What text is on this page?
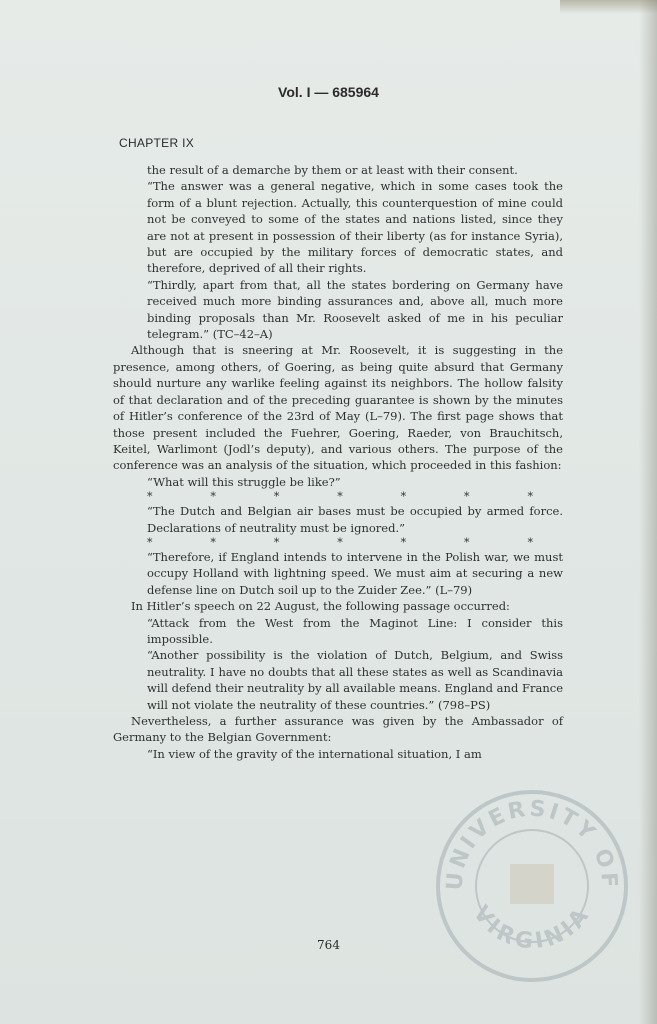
Vol. I — 685964
CHAPTER IX

the result of a demarche by them or at least with their consent.

“The answer was a general negative, which in some cases took the form of a blunt rejection. Actually, this counterquestion of mine could not be conveyed to some of the states and nations listed, since they are not at present in possession of their liberty (as for instance Syria), but are occupied by the military forces of democratic states, and therefore, deprived of all their rights.

“Thirdly, apart from that, all the states bordering on Germany have received much more binding assurances and, above all, much more binding proposals than Mr. Roosevelt asked of me in his peculiar telegram.” (TC–42–A)

Although that is sneering at Mr. Roosevelt, it is suggesting in the presence, among others, of Goering, as being quite absurd that Germany should nurture any warlike feeling against its neighbors. The hollow falsity of that declaration and of the preceding guarantee is shown by the minutes of Hitler’s conference of the 23rd of May (L–79). The first page shows that those present included the Fuehrer, Goering, Raeder, von Brauchitsch, Keitel, Warlimont (Jodl’s deputy), and various others. The purpose of the conference was an analysis of the situation, which proceeded in this fashion:

“What will this struggle be like?”

*	*	*	*	*	*	*

“The Dutch and Belgian air bases must be occupied by armed force. Declarations of neutrality must be ignored.”

*	*	*	*	*	*	*

“Therefore, if England intends to intervene in the Polish war, we must occupy Holland with lightning speed. We must aim at securing a new defense line on Dutch soil up to the Zuider Zee.” (L–79)

In Hitler’s speech on 22 August, the following passage occurred:

“Attack from the West from the Maginot Line: I consider this impossible.

“Another possibility is the violation of Dutch, Belgium, and Swiss neutrality. I have no doubts that all these states as well as Scandinavia will defend their neutrality by all available means. England and France will not violate the neutrality of these countries.” (798–PS)

Nevertheless, a further assurance was given by the Ambassador of Germany to the Belgian Government:

“In view of the gravity of the international situation, I am

764
UNIVERSITY OF
VIRGINIA
